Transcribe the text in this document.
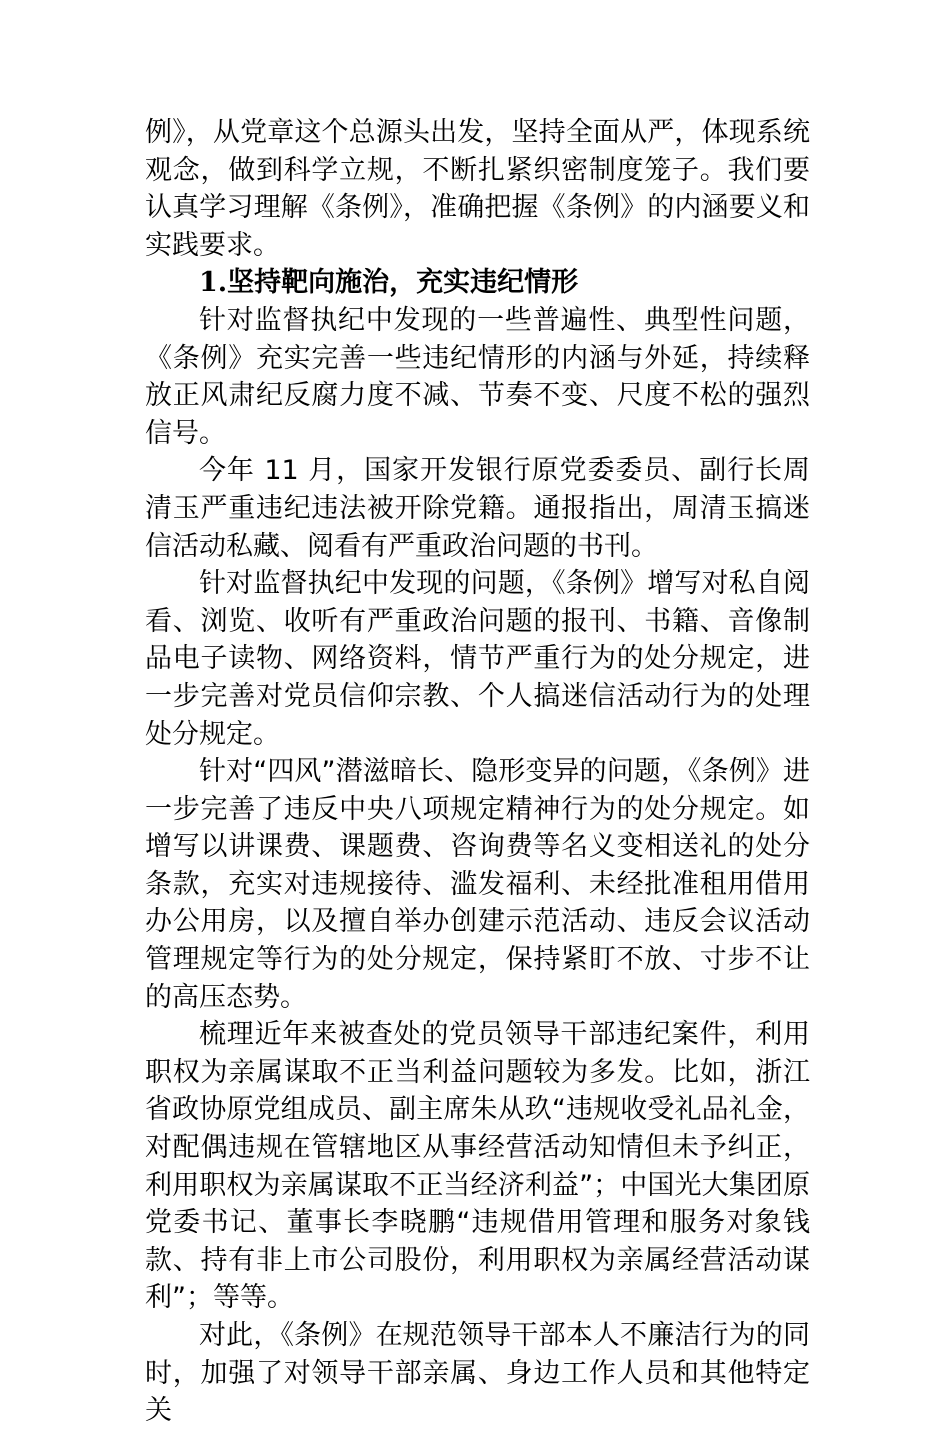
例》，从党章这个总源头出发，坚持全面从严，体现系统观念，做到科学立规，不断扎紧织密制度笼子。我们要认真学习理解《条例》，准确把握《条例》的内涵要义和实践要求。

1.坚持靶向施治，充实违纪情形

针对监督执纪中发现的一些普遍性、典型性问题，《条例》充实完善一些违纪情形的内涵与外延，持续释放正风肃纪反腐力度不减、节奏不变、尺度不松的强烈信号。

今年 11 月，国家开发银行原党委委员、副行长周清玉严重违纪违法被开除党籍。通报指出，周清玉搞迷信活动私藏、阅看有严重政治问题的书刊。

针对监督执纪中发现的问题，《条例》增写对私自阅看、浏览、收听有严重政治问题的报刊、书籍、音像制品电子读物、网络资料，情节严重行为的处分规定，进一步完善对党员信仰宗教、个人搞迷信活动行为的处理处分规定。

针对“四风”潜滋暗长、隐形变异的问题，《条例》进一步完善了违反中央八项规定精神行为的处分规定。如增写以讲课费、课题费、咨询费等名义变相送礼的处分条款，充实对违规接待、滥发福利、未经批准租用借用办公用房，以及擅自举办创建示范活动、违反会议活动管理规定等行为的处分规定，保持紧盯不放、寸步不让的高压态势。

梳理近年来被查处的党员领导干部违纪案件，利用职权为亲属谋取不正当利益问题较为多发。比如，浙江省政协原党组成员、副主席朱从玖“违规收受礼品礼金，对配偶违规在管辖地区从事经营活动知情但未予纠正，利用职权为亲属谋取不正当经济利益”；中国光大集团原党委书记、董事长李晓鹏“违规借用管理和服务对象钱款、持有非上市公司股份，利用职权为亲属经营活动谋利”；等等。

对此，《条例》在规范领导干部本人不廉洁行为的同时，加强了对领导干部亲属、身边工作人员和其他特定关
